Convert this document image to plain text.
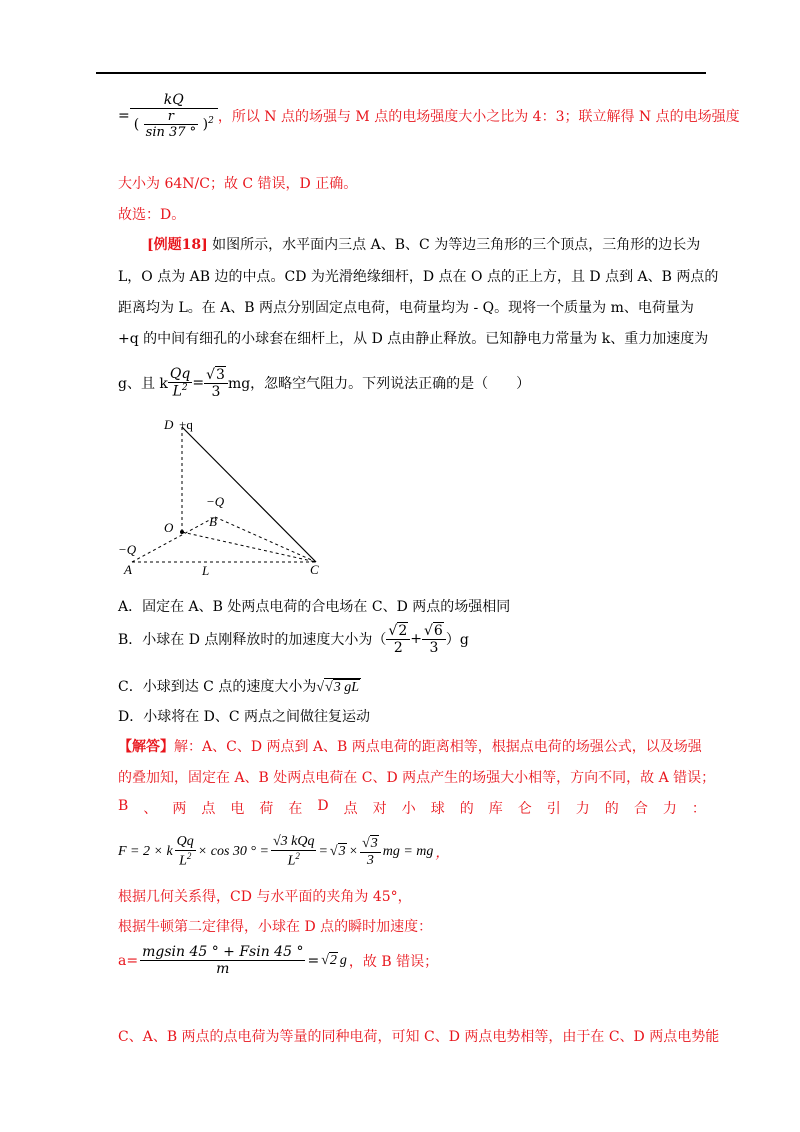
=
kQ
( $\frac{r}{\sin 37 ^\circ} )^2$ ，所以 N 点的场强与 M 点的电场强度大小之比为 4：3；联立解得 N 点的电场强度
大小为 64N/C；故 C 错误，D 正确。
故选：D。
[例题18] 如图所示，水平面内三点 A、B、C 为等边三角形的三个顶点，三角形的边长为
L，O 点为 AB 边的中点。CD 为光滑绝缘细杆，D 点在 O 点的正上方，且 D 点到 A、B 两点的
距离均为 L。在 A、B 两点分别固定点电荷，电荷量均为 - Q。现将一个质量为 m、电荷量为
+q 的中间有细孔的小球套在细杆上，从 D 点由静止释放。已知静电力常量为 k、重力加速度为
g、且 k $\frac{Qq}{L^2} = \frac{√3}{3}$ mg，忽略空气阻力。下列说法正确的是（　　）
D +q
−Q
B
O
−Q
A	L	C
A．固定在 A、B 处两点电荷的合电场在 C、D 两点的场强相同
B．小球在 D 点刚释放时的加速度大小为（ $\frac{√2}{2} + \frac{√6}{3} )g$
C．小球到达 C 点的速度大小为√√3 gL
D．小球将在 D、C 两点之间做往复运动
【解答】解：A、C、D 两点到 A、B 两点电荷的距离相等，根据点电荷的场强公式，以及场强
的叠加知，固定在 A、B 处两点电荷在 C、D 两点产生的场强大小相等，方向不同，故 A 错误；
B 、 两 点 电 荷 在 D 点 对 小 球 的 库 仑 引 力 的 合 力 ：
F = 2 × k $\frac{Qq}{L^2} \times \cos 30$ ° = $\frac{\text{√3 kQq}}{L^2} = √3 \times \frac{√3}{3}$ mg = mg ，
根据几何关系得，CD 与水平面的夹角为 45°，
根据牛顿第二定律得，小球在 D 点的瞬时加速度：
$a= \frac{mgsin 45 ^\circ + Fsin 45 ^\circ}{m} = √2$ g ，故 B 错误；
C、A、B 两点的点电荷为等量的同种电荷，可知 C、D 两点电势相等，由于在 C、D 两点电势能
